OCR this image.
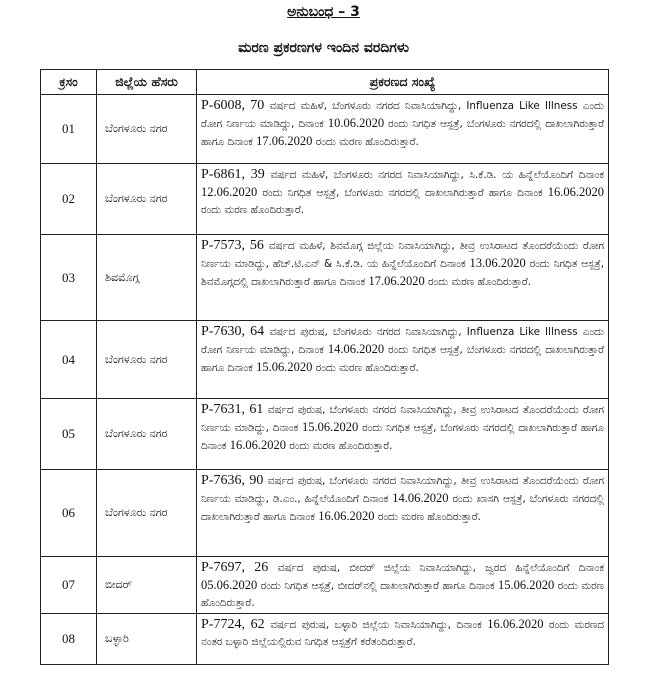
ಅನುಬಂಧ – 3
ಮರಣ ಪ್ರಕರಣಗಳ ಇಂದಿನ ವರದಿಗಳು
ಕ್ರಸಂ	ಜಿಲ್ಲೆಯ ಹೆಸರು	ಪ್ರಕರಣದ ಸಂಖ್ಯೆ
01	ಬೆಂಗಳೂರು ನಗರ	P-6008, 70 ವರ್ಷದ ಮಹಿಳೆ, ಬೆಂಗಳೂರು ನಗರದ ನಿವಾಸಿಯಾಗಿದ್ದು, Influenza Like Illness ಎಂದು ರೋಗ ನಿರ್ಣಯ ಮಾಡಿದ್ದು, ದಿನಾಂಕ 10.06.2020 ರಂದು ನಿಗಧಿತ ಆಸ್ಪತ್ರೆ, ಬೆಂಗಳೂರು ನಗರದಲ್ಲಿ ದಾಖಲಾಗಿರುತ್ತಾರೆ ಹಾಗೂ ದಿನಾಂಕ 17.06.2020 ರಂದು ಮರಣ ಹೊಂದಿರುತ್ತಾರೆ.
02	ಬೆಂಗಳೂರು ನಗರ	P-6861, 39 ವರ್ಷದ ಮಹಿಳೆ, ಬೆಂಗಳೂರು ನಗರದ ನಿವಾಸಿಯಾಗಿದ್ದು, ಸಿ.ಕೆ.ಡಿ. ಯ ಹಿನ್ನೆಲೆಯೊಂದಿಗೆ ದಿನಾಂಕ 12.06.2020 ರಂದು ನಿಗಧಿತ ಆಸ್ಪತ್ರೆ, ಬೆಂಗಳೂರು ನಗರದಲ್ಲಿ ದಾಖಲಾಗಿರುತ್ತಾರೆ ಹಾಗೂ ದಿನಾಂಕ 16.06.2020 ರಂದು ಮರಣ ಹೊಂದಿರುತ್ತಾರೆ.
03	ಶಿವಮೊಗ್ಗ	P-7573, 56 ವರ್ಷದ ಮಹಿಳೆ, ಶಿವಮೊಗ್ಗ ಜಿಲ್ಲೆಯ ನಿವಾಸಿಯಾಗಿದ್ದು, ತೀವ್ರ ಉಸಿರಾಟದ ತೊಂದರೆಯೆಂದು ರೋಗ ನಿರ್ಣಯ ಮಾಡಿದ್ದು, ಹೆಚ್.ಟಿ.ಎನ್ & ಸಿ.ಕೆ.ಡಿ. ಯ ಹಿನ್ನೆಲೆಯೊಂದಿಗೆ ದಿನಾಂಕ 13.06.2020 ರಂದು ನಿಗಧಿತ ಆಸ್ಪತ್ರೆ, ಶಿವಮೊಗ್ಗದಲ್ಲಿ ದಾಖಲಾಗಿರುತ್ತಾರೆ ಹಾಗೂ ದಿನಾಂಕ 17.06.2020 ರಂದು ಮರಣ ಹೊಂದಿರುತ್ತಾರೆ.
04	ಬೆಂಗಳೂರು ನಗರ	P-7630, 64 ವರ್ಷದ ಪುರುಷ, ಬೆಂಗಳೂರು ನಗರದ ನಿವಾಸಿಯಾಗಿದ್ದು, Influenza Like Illness ಎಂದು ರೋಗ ನಿರ್ಣಯ ಮಾಡಿದ್ದು, ದಿನಾಂಕ 14.06.2020 ರಂದು ನಿಗಧಿತ ಆಸ್ಪತ್ರೆ, ಬೆಂಗಳೂರು ನಗರದಲ್ಲಿ ದಾಖಲಾಗಿರುತ್ತಾರೆ ಹಾಗೂ ದಿನಾಂಕ 15.06.2020 ರಂದು ಮರಣ ಹೊಂದಿರುತ್ತಾರೆ.
05	ಬೆಂಗಳೂರು ನಗರ	P-7631, 61 ವರ್ಷದ ಪುರುಷ, ಬೆಂಗಳೂರು ನಗರದ ನಿವಾಸಿಯಾಗಿದ್ದು, ತೀವ್ರ ಉಸಿರಾಟದ ತೊಂದರೆಯೆಂದು ರೋಗ ನಿರ್ಣಯ ಮಾಡಿದ್ದು, ದಿನಾಂಕ 15.06.2020 ರಂದು ನಿಗಧಿತ ಆಸ್ಪತ್ರೆ, ಬೆಂಗಳೂರು ನಗರದಲ್ಲಿ ದಾಖಲಾಗಿರುತ್ತಾರೆ ಹಾಗೂ ದಿನಾಂಕ 16.06.2020 ರಂದು ಮರಣ ಹೊಂದಿರುತ್ತಾರೆ.
06	ಬೆಂಗಳೂರು ನಗರ	P-7636, 90 ವರ್ಷದ ಪುರುಷ, ಬೆಂಗಳೂರು ನಗರದ ನಿವಾಸಿಯಾಗಿದ್ದು, ತೀವ್ರ ಉಸಿರಾಟದ ತೊಂದರೆಯೆಂದು ರೋಗ ನಿರ್ಣಯ ಮಾಡಿದ್ದು, ಡಿ.ಎಂ., ಹಿನ್ನೆಲೆಯೊಂದಿಗೆ ದಿನಾಂಕ 14.06.2020 ರಂದು ಖಾಸಗಿ ಆಸ್ಪತ್ರೆ, ಬೆಂಗಳೂರು ನಗರದಲ್ಲಿ ದಾಖಲಾಗಿರುತ್ತಾರೆ ಹಾಗೂ ದಿನಾಂಕ 16.06.2020 ರಂದು ಮರಣ ಹೊಂದಿರುತ್ತಾರೆ.
07	ಬೀದರ್	P-7697, 26 ವರ್ಷದ ಪುರುಷ, ಬೀದರ್ ಜಿಲ್ಲೆಯ ನಿವಾಸಿಯಾಗಿದ್ದು, ಜ್ವರದ ಹಿನ್ನೆಲೆಯೊಂದಿಗೆ ದಿನಾಂಕ 05.06.2020 ರಂದು ನಿಗಧಿತ ಆಸ್ಪತ್ರೆ, ಬೀದರ್‌ನಲ್ಲಿ ದಾಖಲಾಗಿರುತ್ತಾರೆ ಹಾಗೂ ದಿನಾಂಕ 15.06.2020 ರಂದು ಮರಣ ಹೊಂದಿರುತ್ತಾರೆ.
08	ಬಳ್ಳಾರಿ	P-7724, 62 ವರ್ಷದ ಪುರುಷ, ಬಳ್ಳಾರಿ ಜಿಲ್ಲೆಯ ನಿವಾಸಿಯಾಗಿದ್ದು, ದಿನಾಂಕ 16.06.2020 ರಂದು ಮರಣದ ನಂತರ ಬಳ್ಳಾರಿ ಜಿಲ್ಲೆಯಲ್ಲಿರುವ ನಿಗಧಿತ ಆಸ್ಪತ್ರೆಗೆ ಕರೆತಂದಿರುತ್ತಾರೆ.
